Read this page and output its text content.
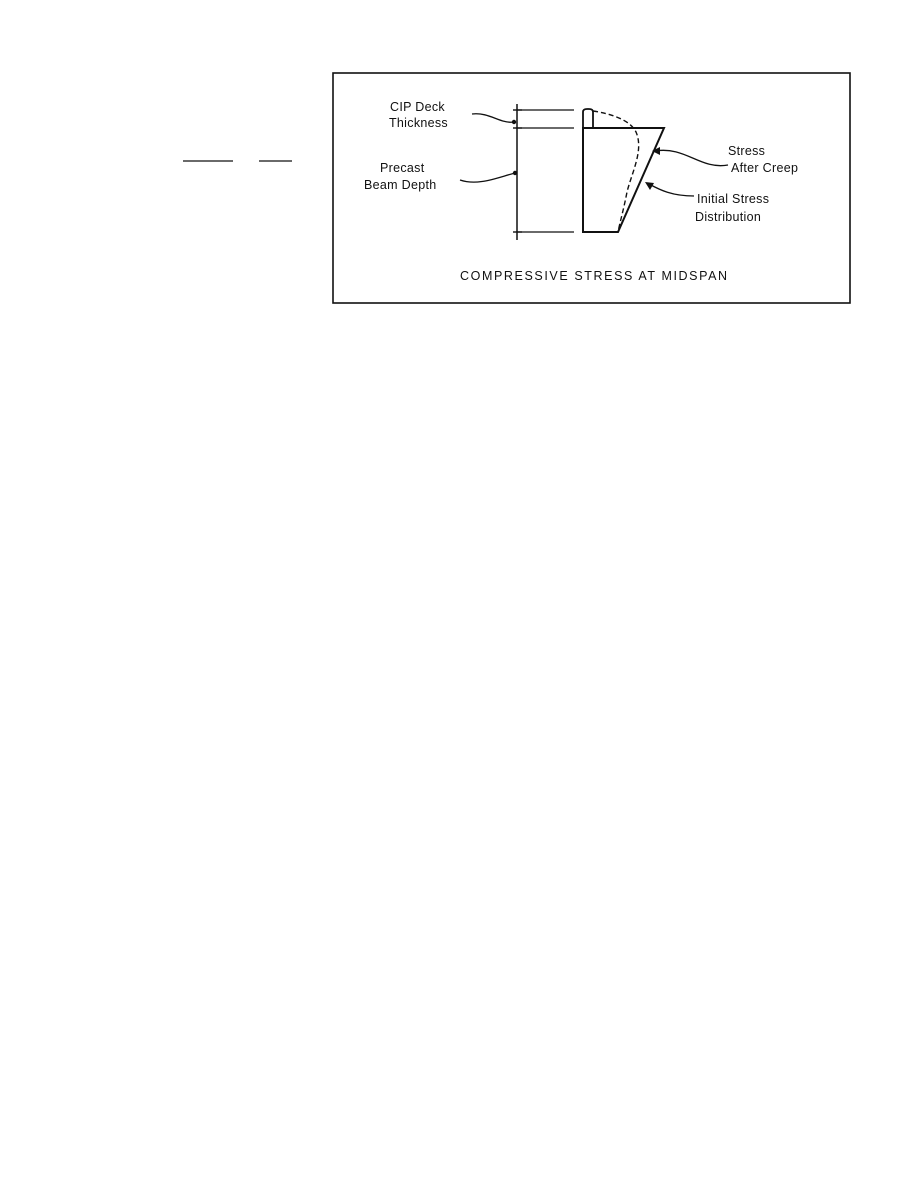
CIP Deck
Thickness
Precast
Beam Depth
Stress
After Creep
Initial Stress
Distribution
COMPRESSIVE STRESS AT MIDSPAN
